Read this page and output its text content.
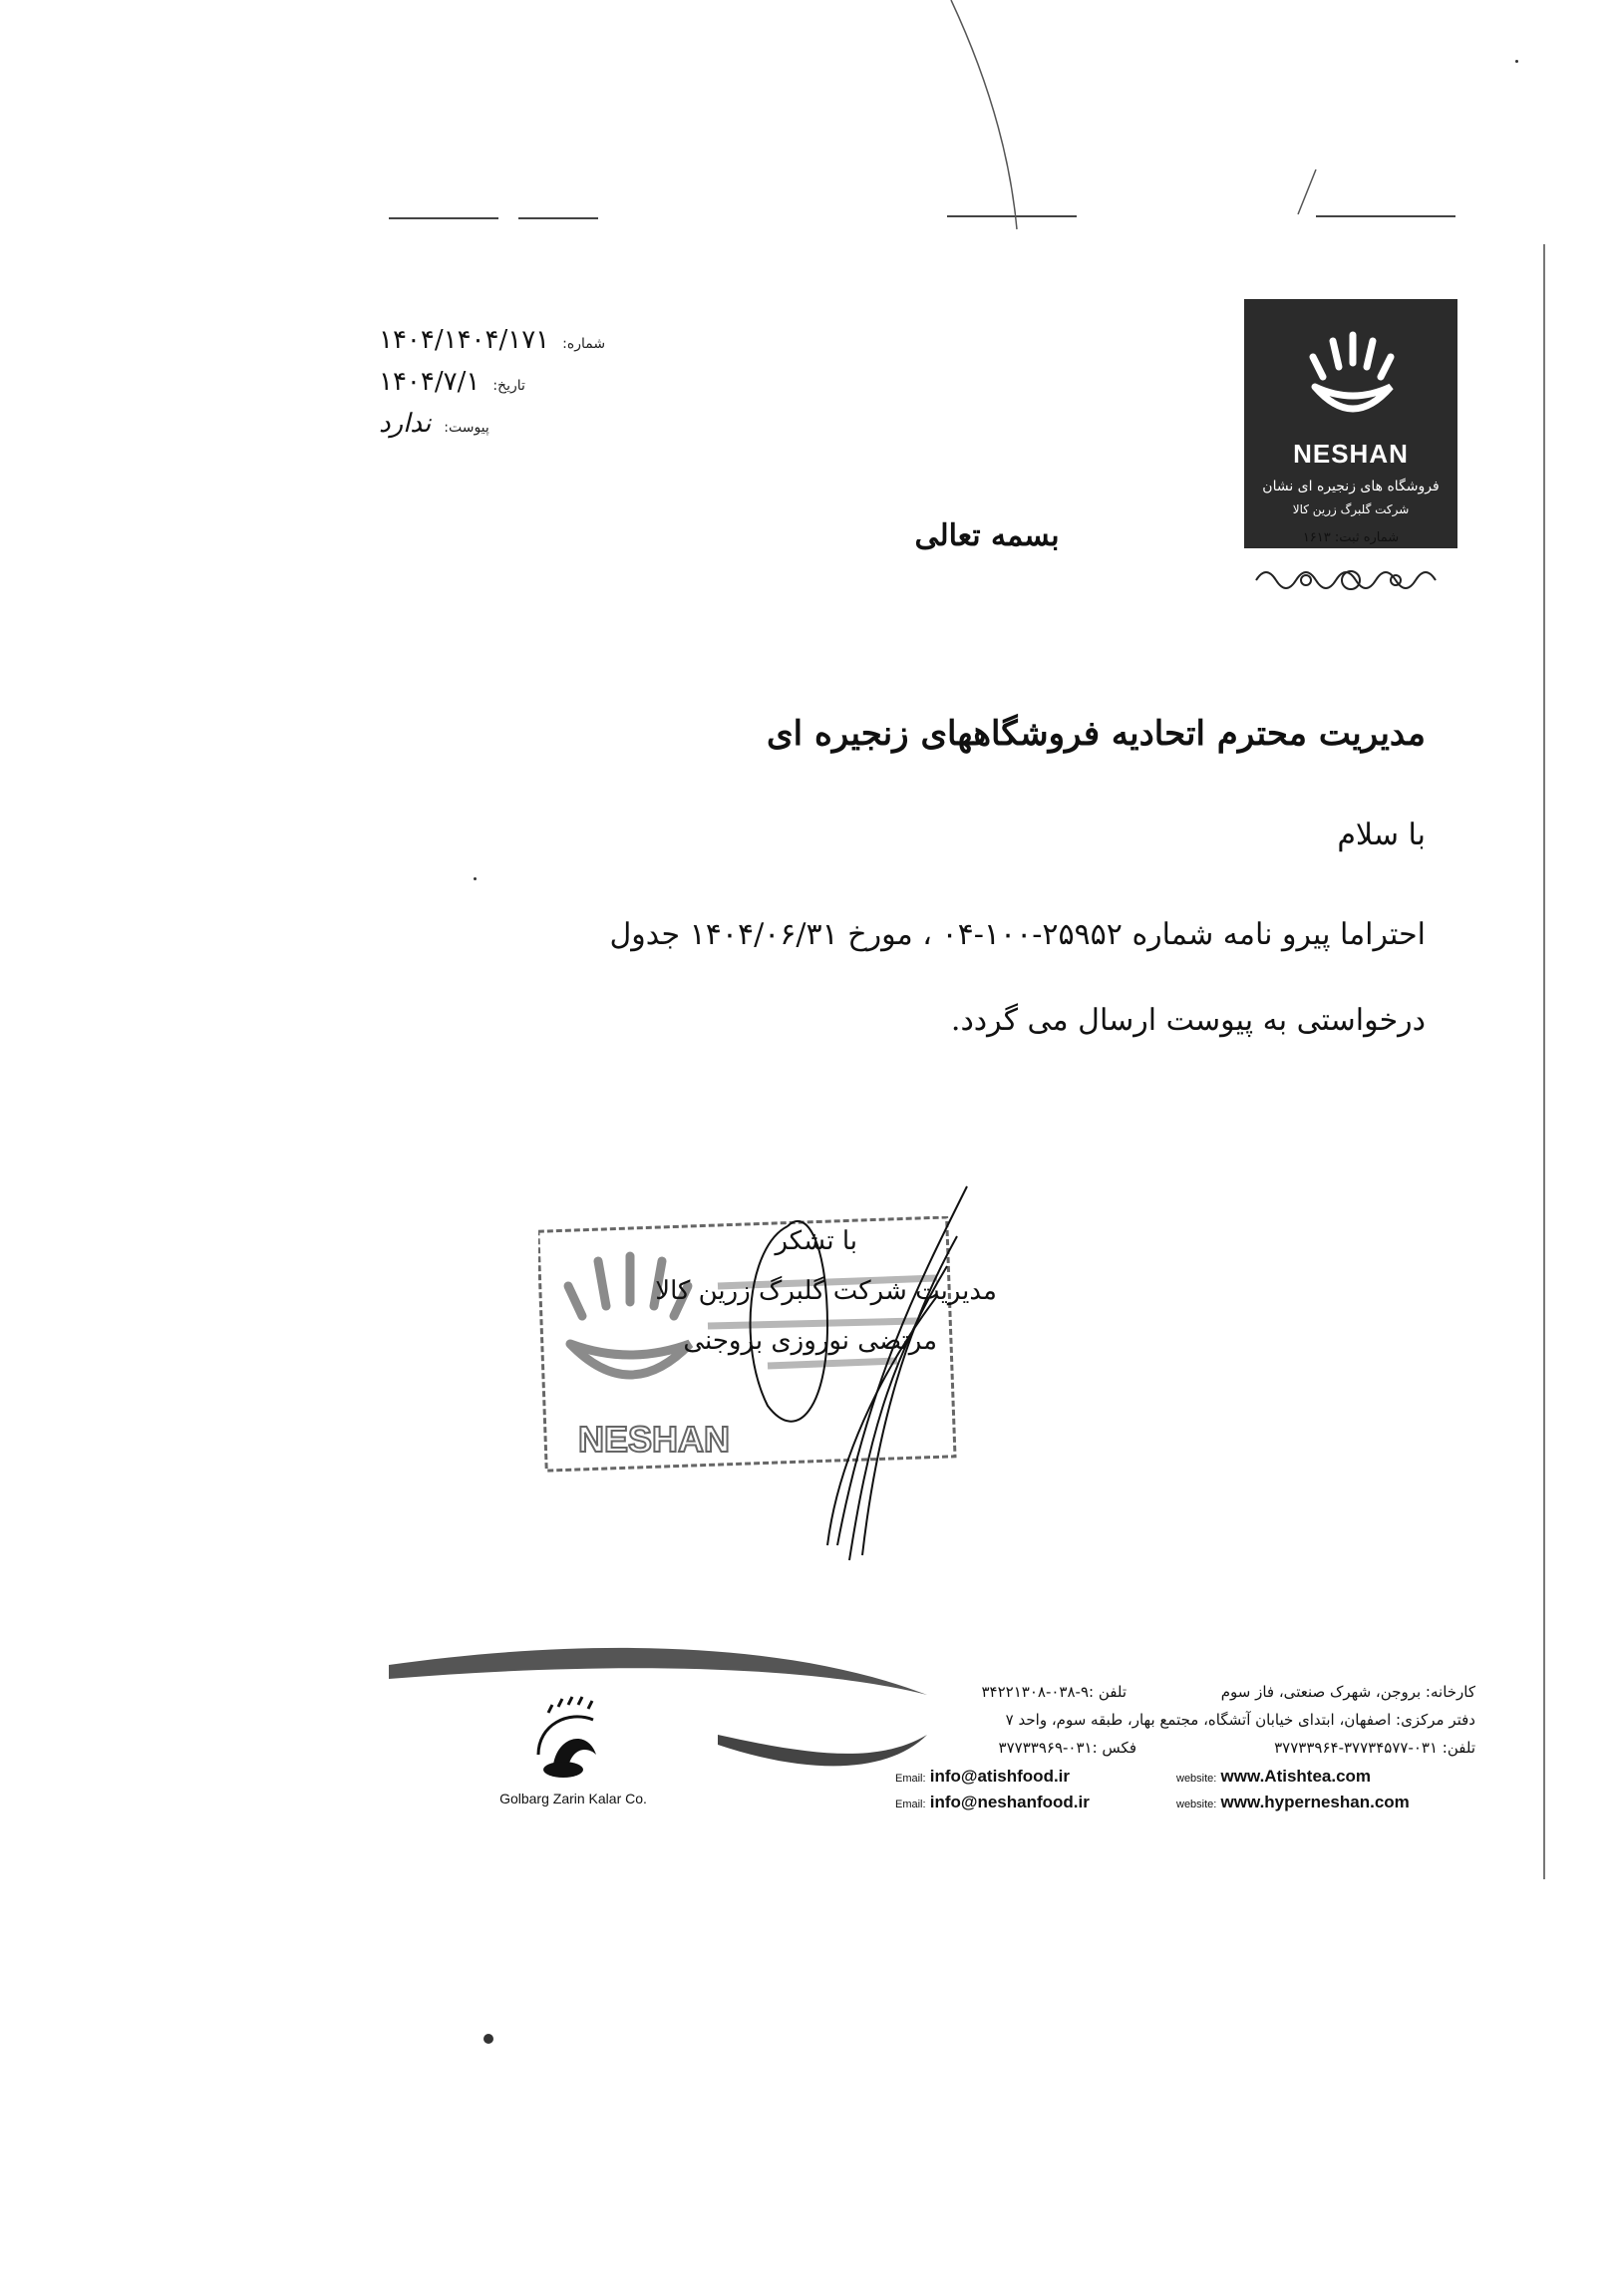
شماره: ۱۴۰۴/۱۴۰۴/۱۷۱
تاریخ: ۱۴۰۴/۷/۱
پیوست: ندارد
NESHAN
فروشگاه های زنجیره ای نشان
شرکت گلبرگ زرین کالا
شماره ثبت: ۱۶۱۳
بسمه تعالی
مدیریت محترم اتحادیه فروشگاههای زنجیره ای
با سلام
احتراما پیرو نامه شماره ۲۵۹۵۲-۱۰۰-۰۴ ، مورخ ۱۴۰۴/۰۶/۳۱ جدول
درخواستی به پیوست ارسال می گردد.
NESHAN
با تشکر
مدیریت شرکت گلبرگ زرین کالا
مرتضی نوروزی بروجنی
Golbarg Zarin Kalar Co.
کارخانه: بروجن، شهرک صنعتی، فاز سوم
تلفن :۹-۰۳۸-۳۴۲۲۱۳۰۸
دفتر مرکزی: اصفهان، ابتدای خیابان آتشگاه، مجتمع بهار، طبقه سوم، واحد ۷
تلفن: ۰۳۱-۳۷۷۳۴۵۷۷-۳۷۷۳۳۹۶۴
فکس :۰۳۱-۳۷۷۳۳۹۶۹
Email: info@atishfood.ir
Email: info@neshanfood.ir
website: www.Atishtea.com
website: www.hyperneshan.com
